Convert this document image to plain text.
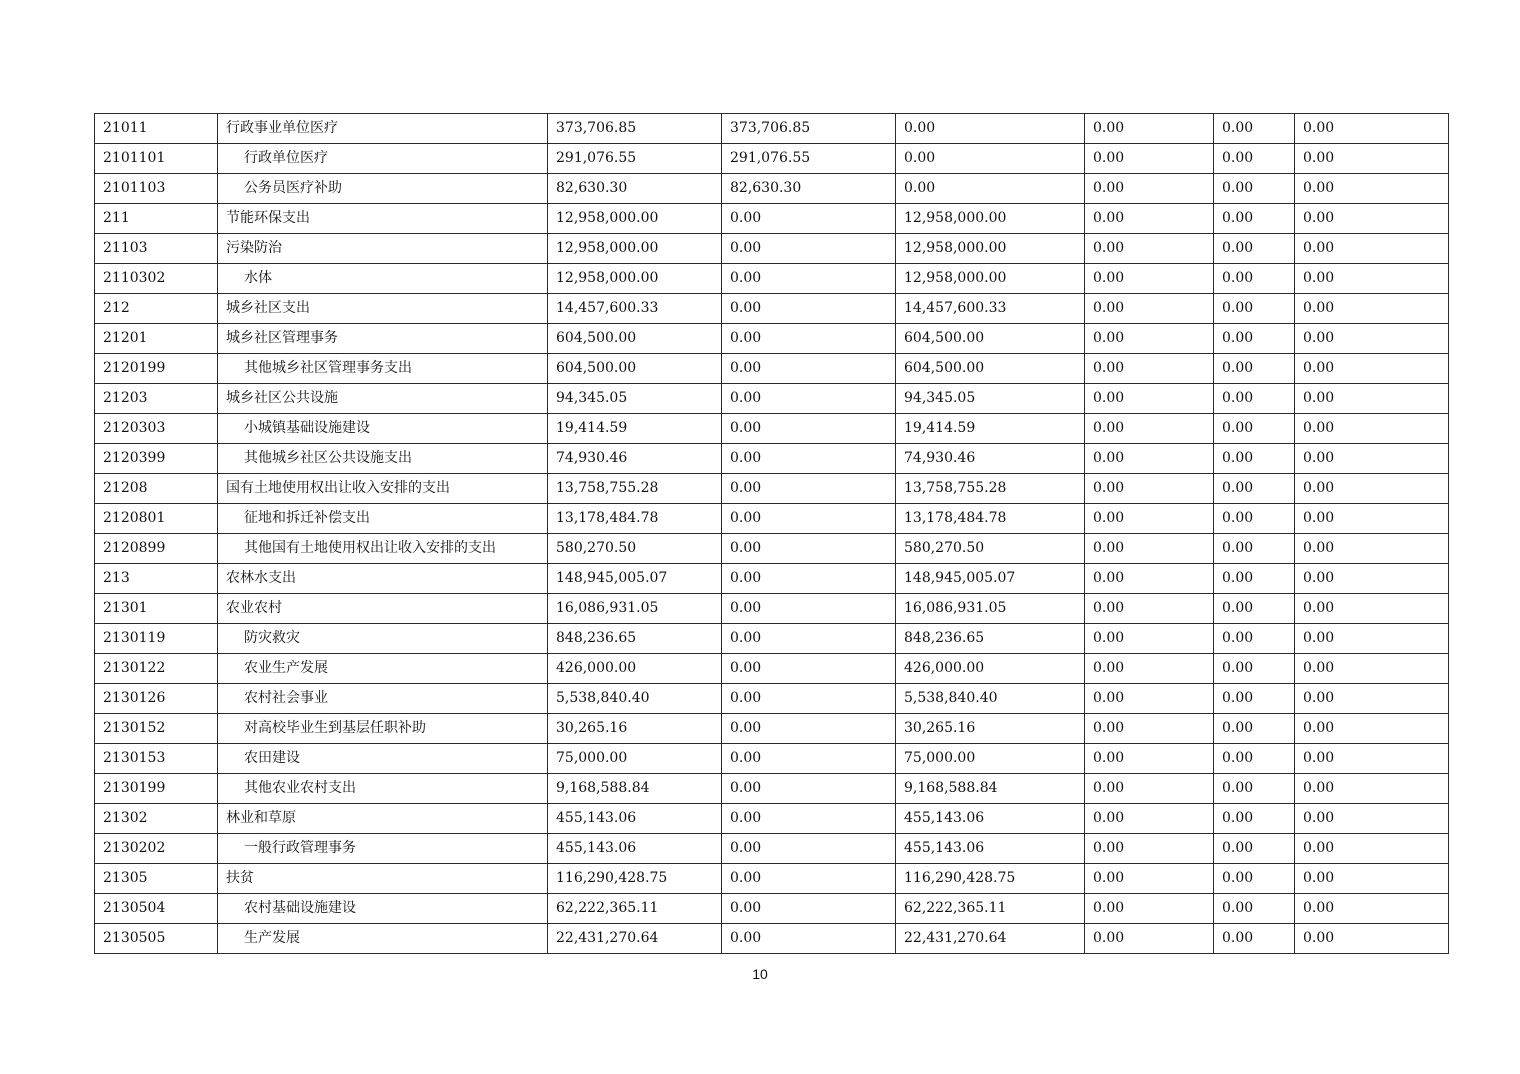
21011	行政事业单位医疗	373,706.85	373,706.85	0.00	0.00	0.00	0.00
2101101	行政单位医疗	291,076.55	291,076.55	0.00	0.00	0.00	0.00
2101103	公务员医疗补助	82,630.30	82,630.30	0.00	0.00	0.00	0.00
211	节能环保支出	12,958,000.00	0.00	12,958,000.00	0.00	0.00	0.00
21103	污染防治	12,958,000.00	0.00	12,958,000.00	0.00	0.00	0.00
2110302	水体	12,958,000.00	0.00	12,958,000.00	0.00	0.00	0.00
212	城乡社区支出	14,457,600.33	0.00	14,457,600.33	0.00	0.00	0.00
21201	城乡社区管理事务	604,500.00	0.00	604,500.00	0.00	0.00	0.00
2120199	其他城乡社区管理事务支出	604,500.00	0.00	604,500.00	0.00	0.00	0.00
21203	城乡社区公共设施	94,345.05	0.00	94,345.05	0.00	0.00	0.00
2120303	小城镇基础设施建设	19,414.59	0.00	19,414.59	0.00	0.00	0.00
2120399	其他城乡社区公共设施支出	74,930.46	0.00	74,930.46	0.00	0.00	0.00
21208	国有土地使用权出让收入安排的支出	13,758,755.28	0.00	13,758,755.28	0.00	0.00	0.00
2120801	征地和拆迁补偿支出	13,178,484.78	0.00	13,178,484.78	0.00	0.00	0.00
2120899	其他国有土地使用权出让收入安排的支出	580,270.50	0.00	580,270.50	0.00	0.00	0.00
213	农林水支出	148,945,005.07	0.00	148,945,005.07	0.00	0.00	0.00
21301	农业农村	16,086,931.05	0.00	16,086,931.05	0.00	0.00	0.00
2130119	防灾救灾	848,236.65	0.00	848,236.65	0.00	0.00	0.00
2130122	农业生产发展	426,000.00	0.00	426,000.00	0.00	0.00	0.00
2130126	农村社会事业	5,538,840.40	0.00	5,538,840.40	0.00	0.00	0.00
2130152	对高校毕业生到基层任职补助	30,265.16	0.00	30,265.16	0.00	0.00	0.00
2130153	农田建设	75,000.00	0.00	75,000.00	0.00	0.00	0.00
2130199	其他农业农村支出	9,168,588.84	0.00	9,168,588.84	0.00	0.00	0.00
21302	林业和草原	455,143.06	0.00	455,143.06	0.00	0.00	0.00
2130202	一般行政管理事务	455,143.06	0.00	455,143.06	0.00	0.00	0.00
21305	扶贫	116,290,428.75	0.00	116,290,428.75	0.00	0.00	0.00
2130504	农村基础设施建设	62,222,365.11	0.00	62,222,365.11	0.00	0.00	0.00
2130505	生产发展	22,431,270.64	0.00	22,431,270.64	0.00	0.00	0.00
10
